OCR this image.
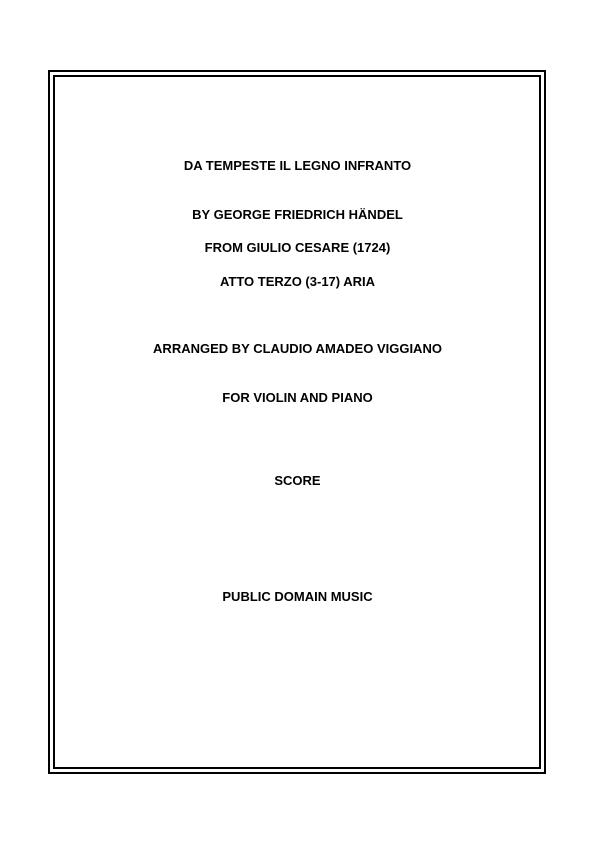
DA TEMPESTE IL LEGNO INFRANTO
BY GEORGE FRIEDRICH HÄNDEL
FROM GIULIO CESARE (1724)
ATTO TERZO (3-17) ARIA
ARRANGED BY CLAUDIO AMADEO VIGGIANO
FOR VIOLIN AND PIANO
SCORE
PUBLIC DOMAIN MUSIC
